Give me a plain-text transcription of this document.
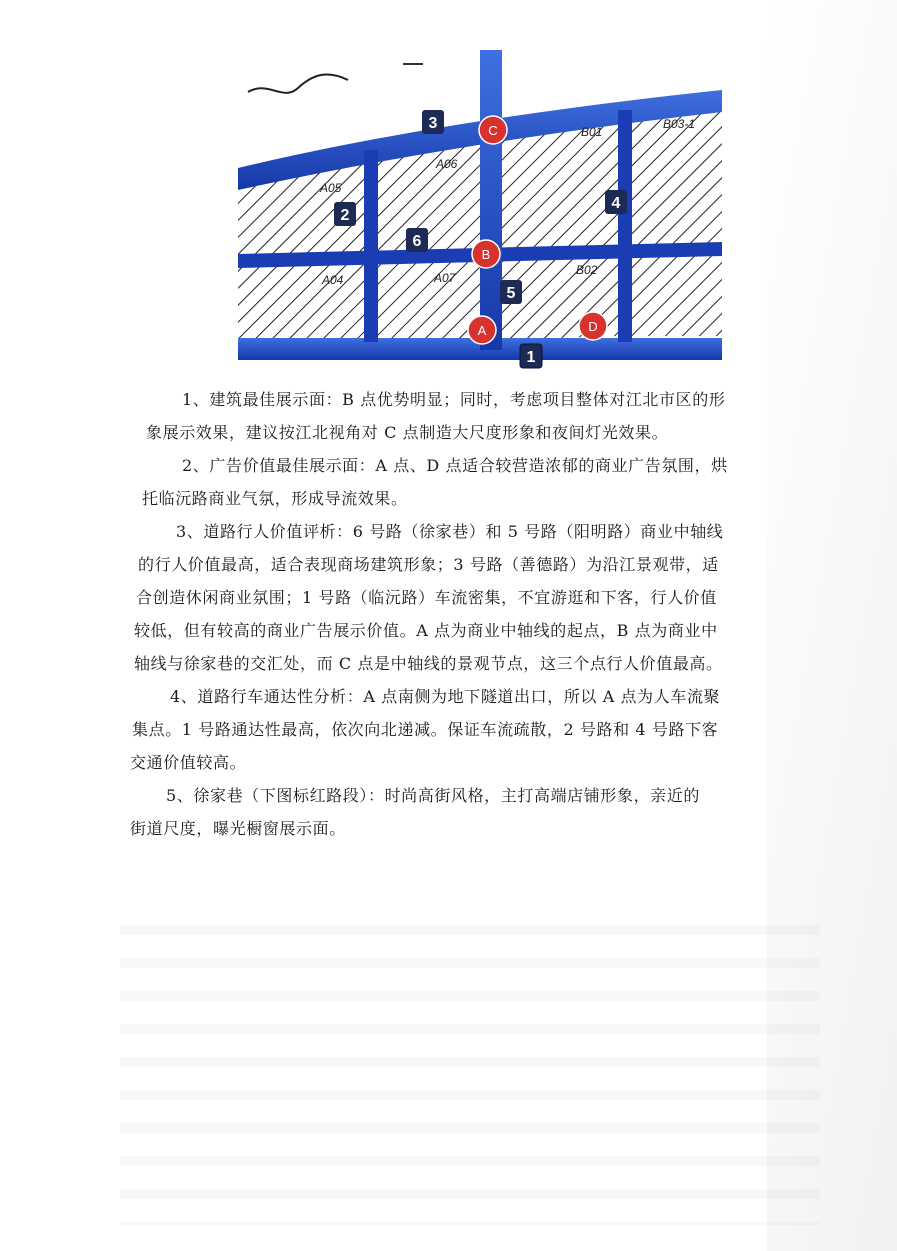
A05
A06
A04	A07
B01
B03-1
B02
1
2
3
4
5
6
A
B
C
D
1、建筑最佳展示面：B 点优势明显；同时，考虑项目整体对江北市区的形
象展示效果，建议按江北视角对 C 点制造大尺度形象和夜间灯光效果。
2、广告价值最佳展示面：A 点、D 点适合较营造浓郁的商业广告氛围，烘
托临沅路商业气氛，形成导流效果。
3、道路行人价值评析：6 号路（徐家巷）和 5 号路（阳明路）商业中轴线
的行人价值最高，适合表现商场建筑形象；3 号路（善德路）为沿江景观带，适
合创造休闲商业氛围；1 号路（临沅路）车流密集，不宜游逛和下客，行人价值
较低，但有较高的商业广告展示价值。A 点为商业中轴线的起点，B 点为商业中
轴线与徐家巷的交汇处，而 C 点是中轴线的景观节点，这三个点行人价值最高。
4、道路行车通达性分析：A 点南侧为地下隧道出口，所以 A 点为人车流聚
集点。1 号路通达性最高，依次向北递减。保证车流疏散，2 号路和 4 号路下客
交通价值较高。
5、徐家巷（下图标红路段）：时尚高街风格，主打高端店铺形象，亲近的
街道尺度，曝光橱窗展示面。
